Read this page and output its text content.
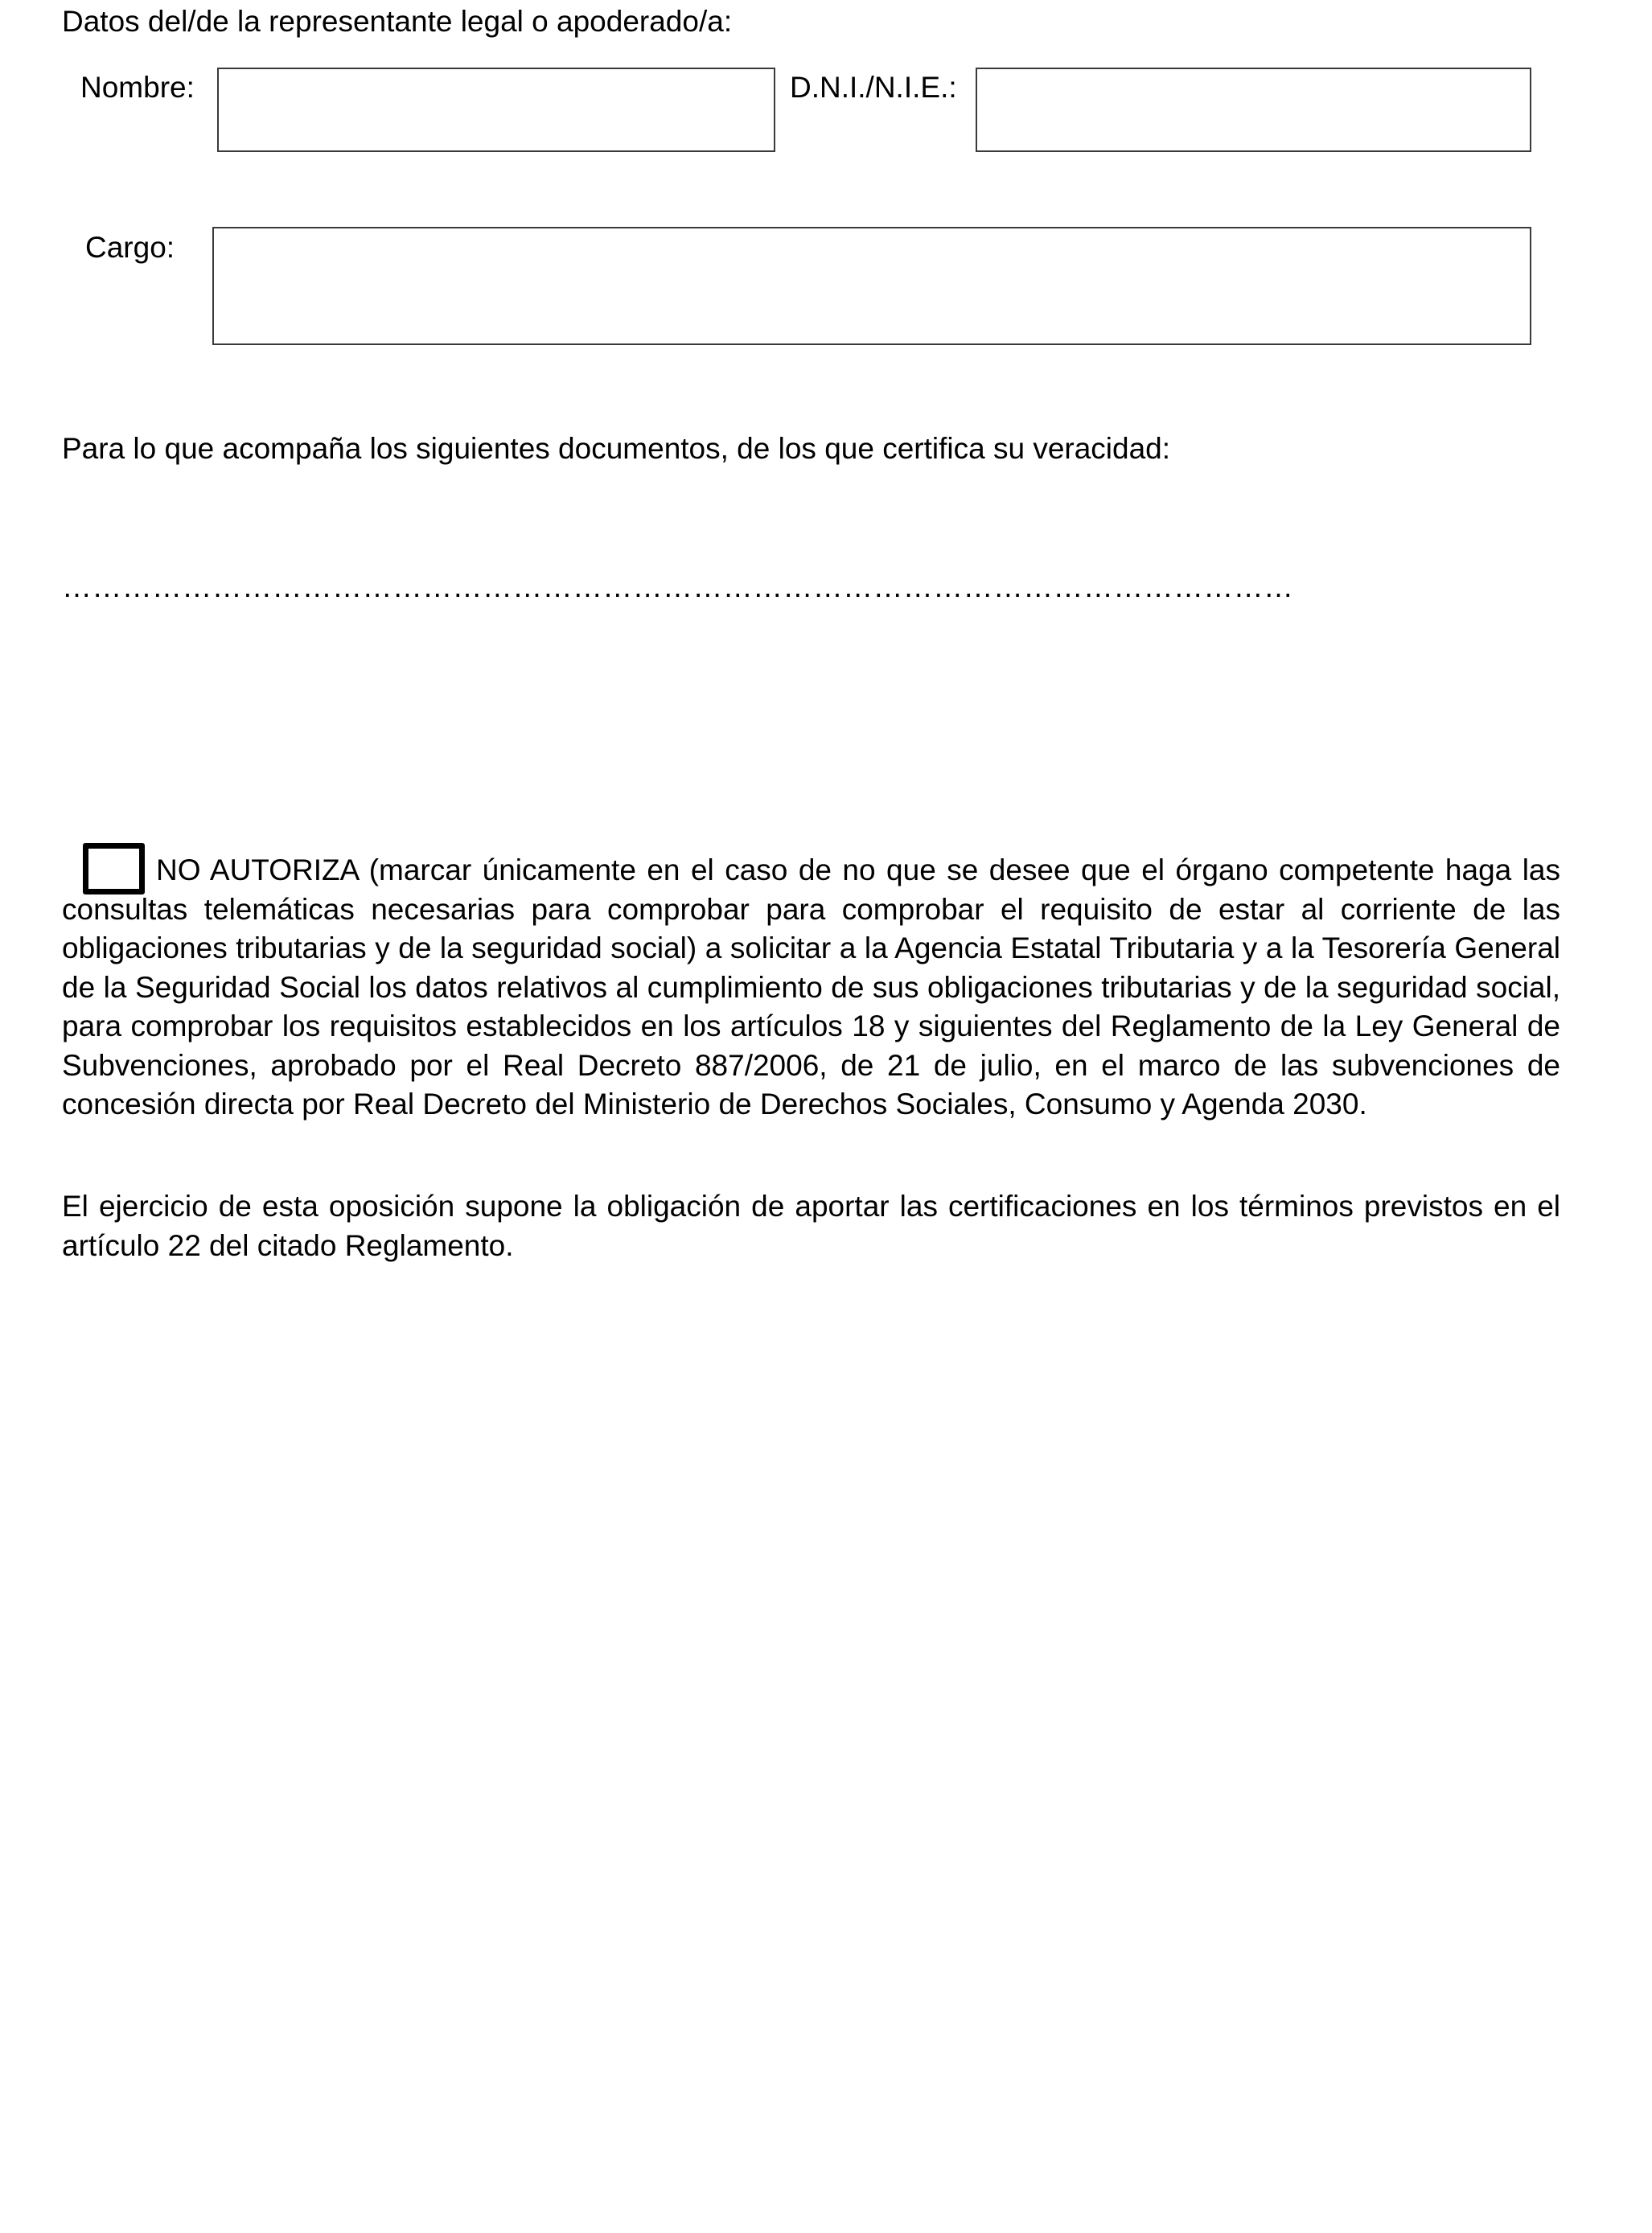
Datos del/de la representante legal o apoderado/a:

Nombre:	D.N.I./N.I.E.:
Cargo:

Para lo que acompaña los siguientes documentos, de los que certifica su veracidad:

……………………………………………………………………………………………………………

NO AUTORIZA (marcar únicamente en el caso de no que se desee que el órgano competente haga las consultas telemáticas necesarias para comprobar para comprobar el requisito de estar al corriente de las obligaciones tributarias y de la seguridad social) a solicitar a la Agencia Estatal Tributaria y a la Tesorería General de la Seguridad Social los datos relativos al cumplimiento de sus obligaciones tributarias y de la seguridad social, para comprobar los requisitos establecidos en los artículos 18 y siguientes del Reglamento de la Ley General de Subvenciones, aprobado por el Real Decreto 887/2006, de 21 de julio, en el marco de las subvenciones de concesión directa por Real Decreto del Ministerio de Derechos Sociales, Consumo y Agenda 2030.

El ejercicio de esta oposición supone la obligación de aportar las certificaciones en los términos previstos en el artículo 22 del citado Reglamento.
